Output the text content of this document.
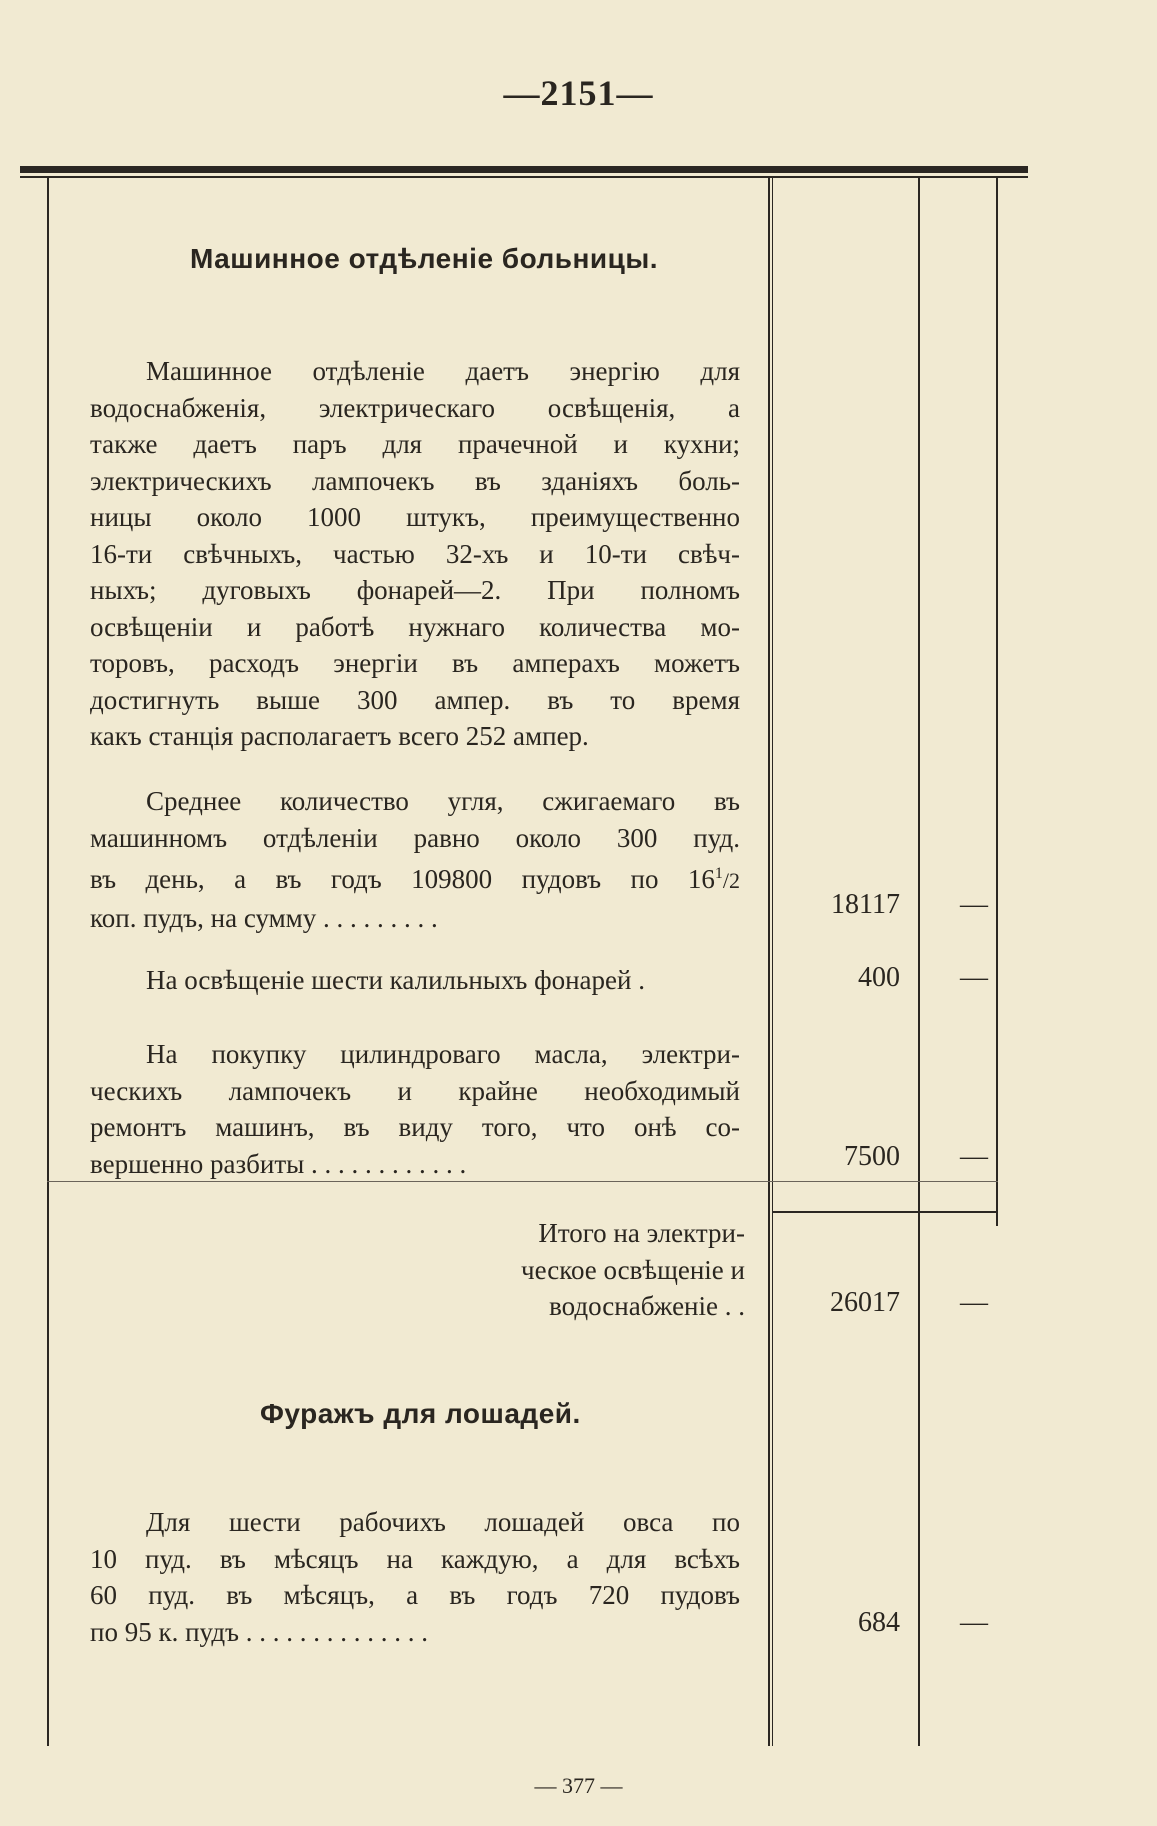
—2151—
Машинное отдѣленіе больницы.
Машинное отдѣленіе даетъ энергію для
водоснабженія, электрическаго освѣщенія, а
также даетъ паръ для прачечной и кухни;
электрическихъ лампочекъ въ зданіяхъ боль-
ницы около 1000 штукъ, преимущественно
16-ти свѣчныхъ, частью 32-хъ и 10-ти свѣч-
ныхъ; дуговыхъ фонарей—2. При полномъ
освѣщеніи и работѣ нужнаго количества мо-
торовъ, расходъ энергіи въ амперахъ можетъ
достигнуть выше 300 ампер. въ то время
какъ станція располагаетъ всего 252 ампер.
Среднее количество угля, сжигаемаго въ
машинномъ отдѣленіи равно около 300 пуд.
въ день, а въ годъ 109800 пудовъ по $16^1/2$
коп. пудъ, на сумму . . . . . . . . .	18117	—
На освѣщеніе шести калильныхъ фонарей .	400	—
На покупку цилиндроваго масла, электри-
ческихъ лампочекъ и крайне необходимый
ремонтъ машинъ, въ виду того, что онѣ со-
вершенно разбиты . . . . . . . . . . . .	7500	—
Итого на электри-
ческое освѣщеніе и
водоснабженіе . .	26017	—
Фуражъ для лошадей.
Для шести рабочихъ лошадей овса по
10 пуд. въ мѣсяцъ на каждую, а для всѣхъ
60 пуд. въ мѣсяцъ, а въ годъ 720 пудовъ
по 95 к. пудъ . . . . . . . . . . . . . .	684	—
— 377 —
